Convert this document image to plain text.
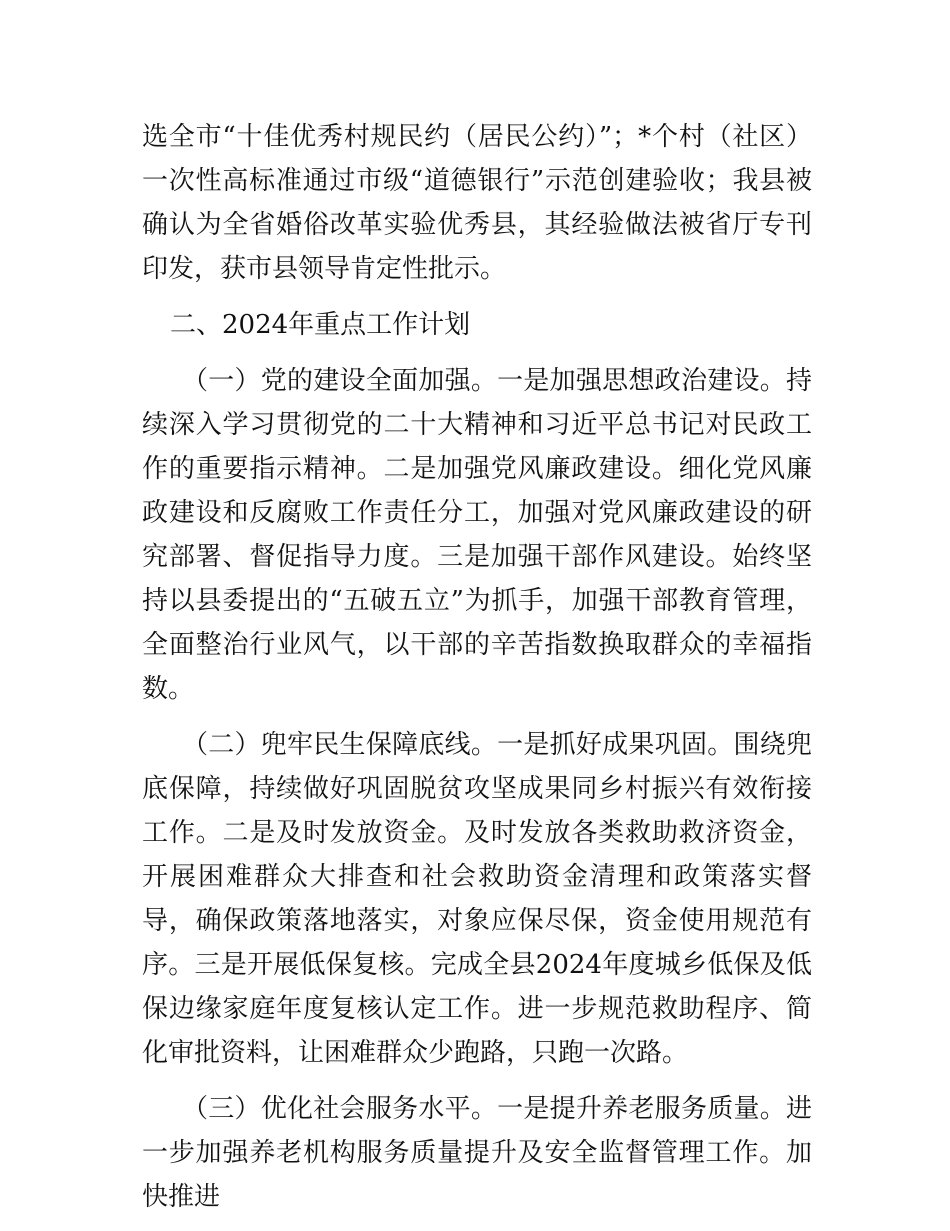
选全市“十佳优秀村规民约（居民公约）”；*个村（社区）一次性高标准通过市级“道德银行”示范创建验收；我县被确认为全省婚俗改革实验优秀县，其经验做法被省厅专刊印发，获市县领导肯定性批示。

二、2024年重点工作计划

（一）党的建设全面加强。一是加强思想政治建设。持续深入学习贯彻党的二十大精神和习近平总书记对民政工作的重要指示精神。二是加强党风廉政建设。细化党风廉政建设和反腐败工作责任分工，加强对党风廉政建设的研究部署、督促指导力度。三是加强干部作风建设。始终坚持以县委提出的“五破五立”为抓手，加强干部教育管理，全面整治行业风气，以干部的辛苦指数换取群众的幸福指数。

（二）兜牢民生保障底线。一是抓好成果巩固。围绕兜底保障，持续做好巩固脱贫攻坚成果同乡村振兴有效衔接工作。二是及时发放资金。及时发放各类救助救济资金，开展困难群众大排查和社会救助资金清理和政策落实督导，确保政策落地落实，对象应保尽保，资金使用规范有序。三是开展低保复核。完成全县2024年度城乡低保及低保边缘家庭年度复核认定工作。进一步规范救助程序、简化审批资料，让困难群众少跑路，只跑一次路。

（三）优化社会服务水平。一是提升养老服务质量。进一步加强养老机构服务质量提升及安全监督管理工作。加快推进
